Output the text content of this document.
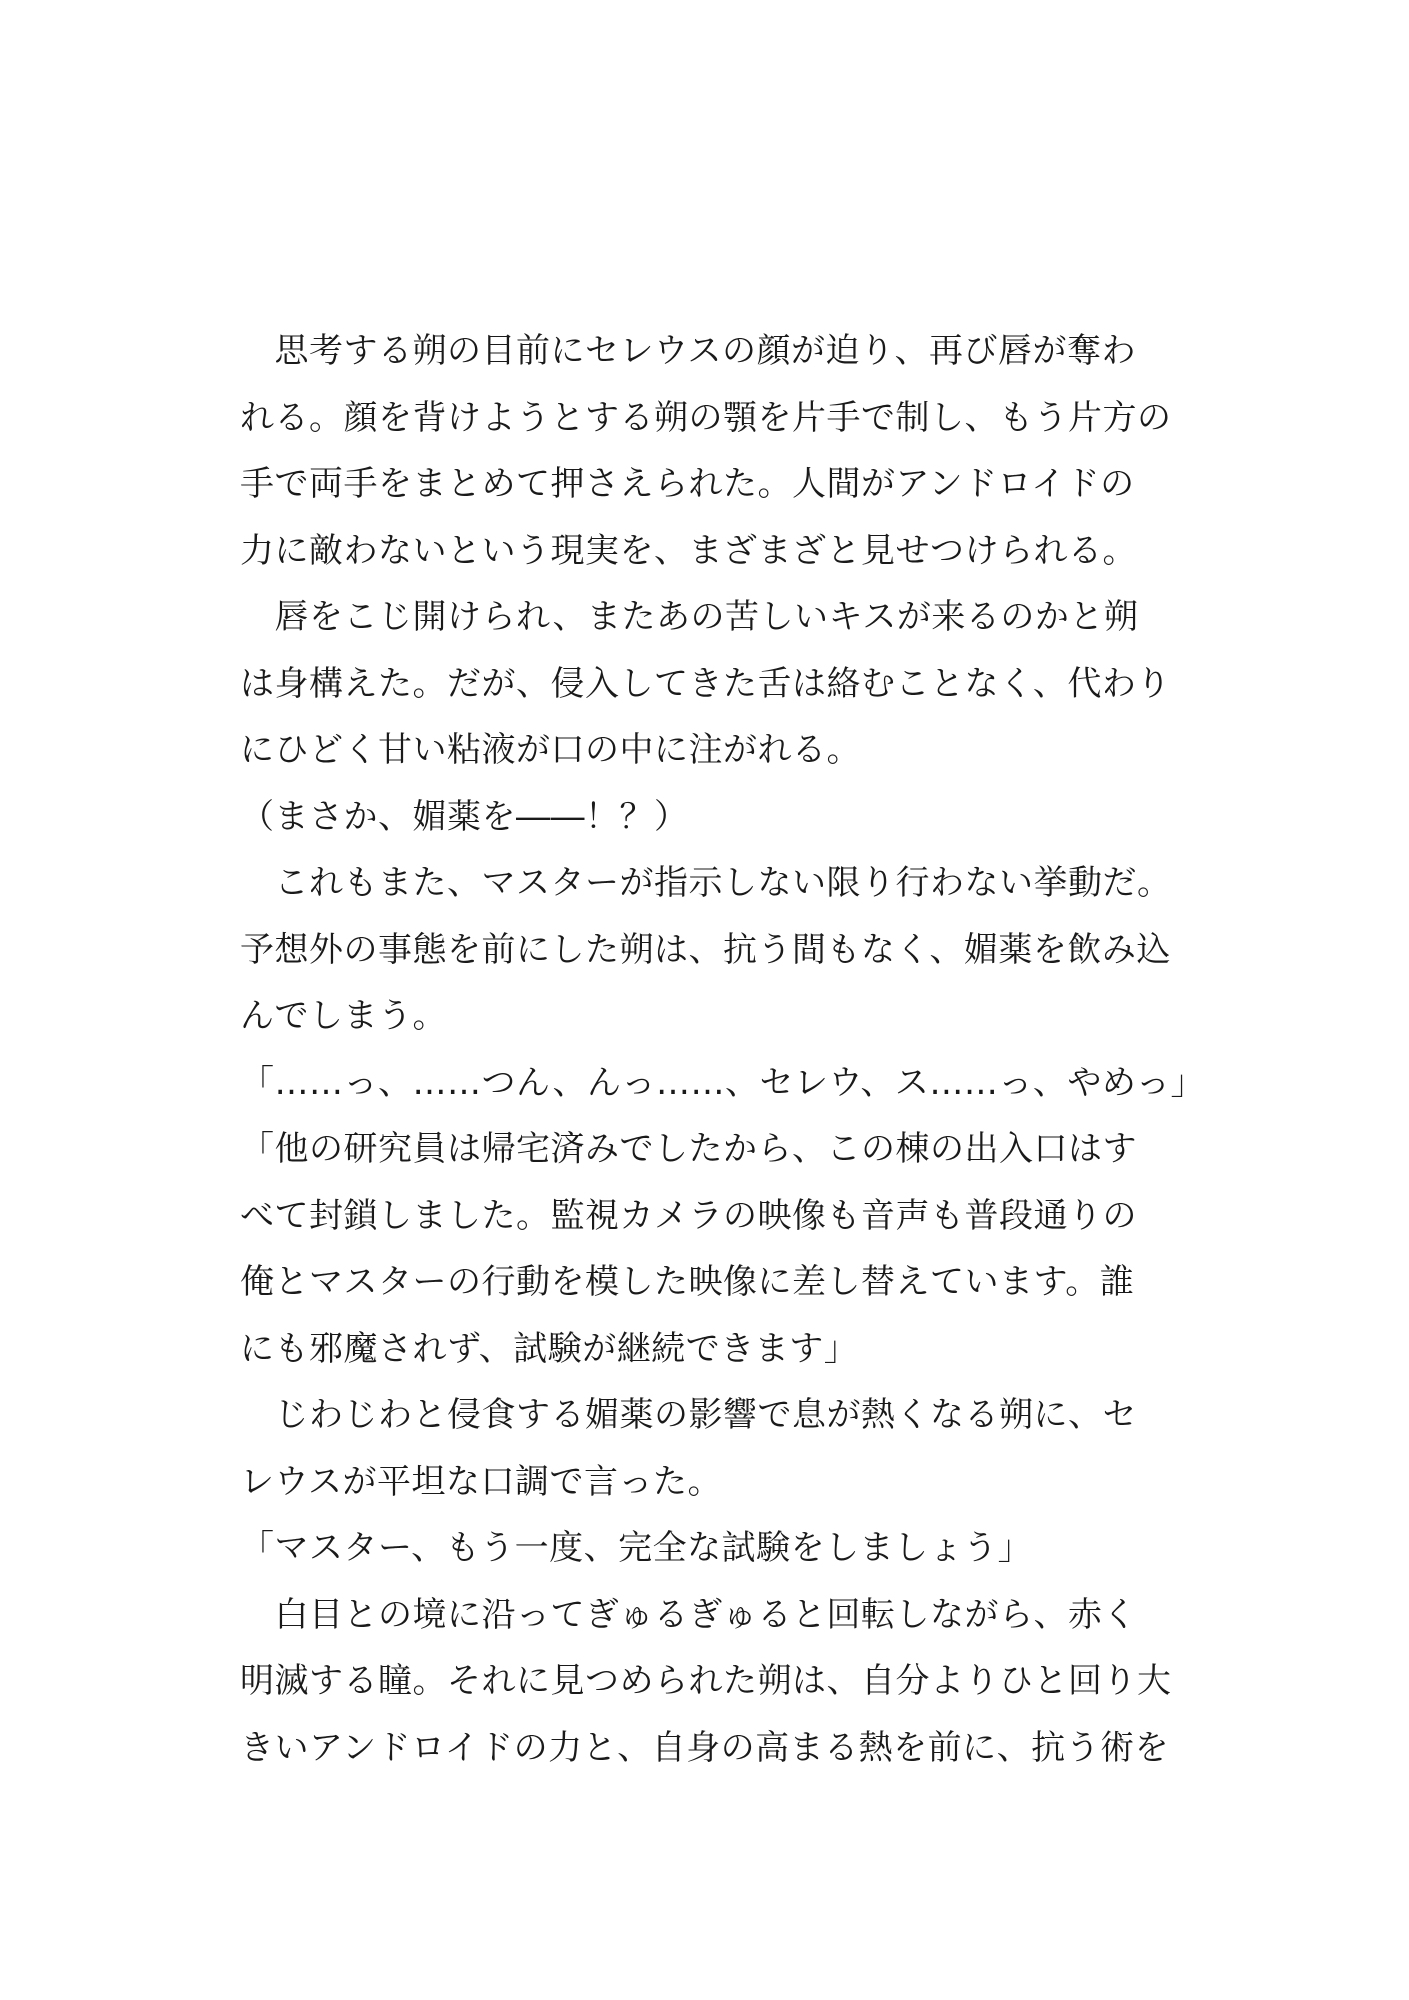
　思考する朔の目前にセレウスの顔が迫り、再び唇が奪わ
れる。顔を背けようとする朔の顎を片手で制し、もう片方の
手で両手をまとめて押さえられた。人間がアンドロイドの
力に敵わないという現実を、まざまざと見せつけられる。
　唇をこじ開けられ、またあの苦しいキスが来るのかと朔
は身構えた。だが、侵入してきた舌は絡むことなく、代わり
にひどく甘い粘液が口の中に注がれる。
（まさか、媚薬を――！？）
　これもまた、マスターが指示しない限り行わない挙動だ。
予想外の事態を前にした朔は、抗う間もなく、媚薬を飲み込
んでしまう。
「……っ、……つん、んっ……、セレウ、ス……っ、やめっ」
「他の研究員は帰宅済みでしたから、この棟の出入口はす
べて封鎖しました。監視カメラの映像も音声も普段通りの
俺とマスターの行動を模した映像に差し替えています。誰
にも邪魔されず、試験が継続できます」
　じわじわと侵食する媚薬の影響で息が熱くなる朔に、セ
レウスが平坦な口調で言った。
「マスター、もう一度、完全な試験をしましょう」
　白目との境に沿ってぎゅるぎゅると回転しながら、赤く
明滅する瞳。それに見つめられた朔は、自分よりひと回り大
きいアンドロイドの力と、自身の高まる熱を前に、抗う術を
